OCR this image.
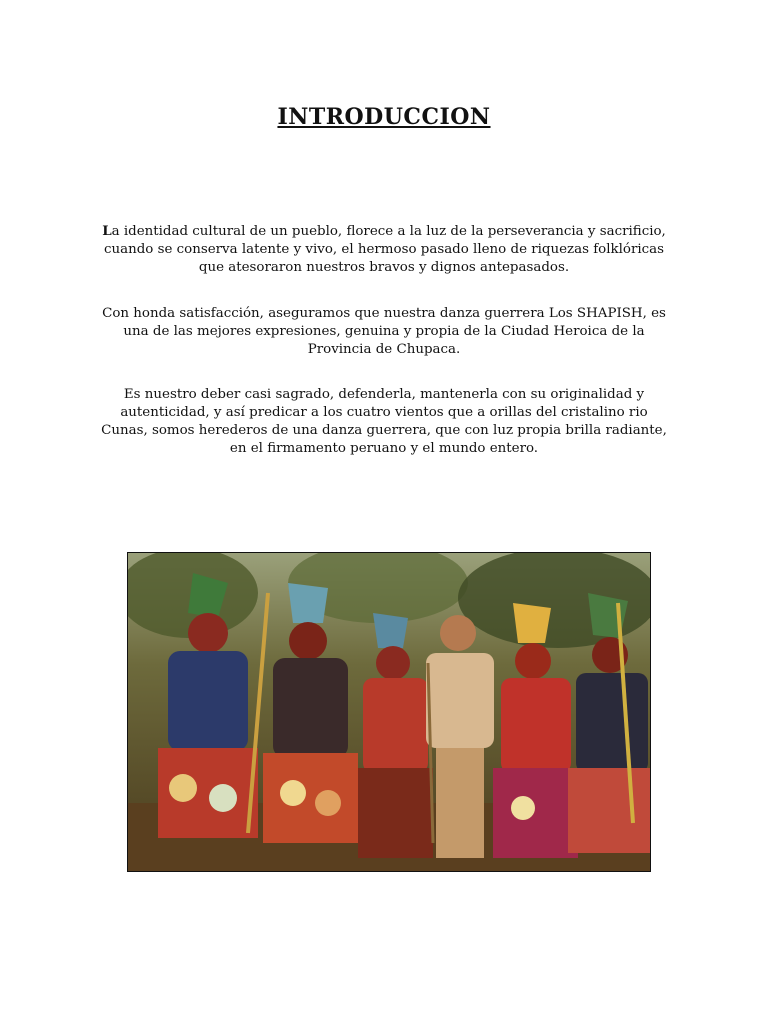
INTRODUCCION

La identidad cultural de un pueblo, florece a la luz de la perseverancia y sacrificio, cuando se conserva latente y vivo, el hermoso pasado lleno de riquezas folklóricas que atesoraron nuestros bravos y dignos antepasados.

Con honda satisfacción, aseguramos que nuestra danza guerrera Los SHAPISH, es una de las mejores expresiones, genuina y propia de la Ciudad Heroica de la Provincia de Chupaca.

Es nuestro deber casi sagrado, defenderla, mantenerla con su originalidad y autenticidad, y así predicar a los cuatro vientos que a orillas del cristalino rio Cunas, somos herederos de una danza guerrera, que con luz propia brilla radiante, en el firmamento peruano y el mundo entero.
